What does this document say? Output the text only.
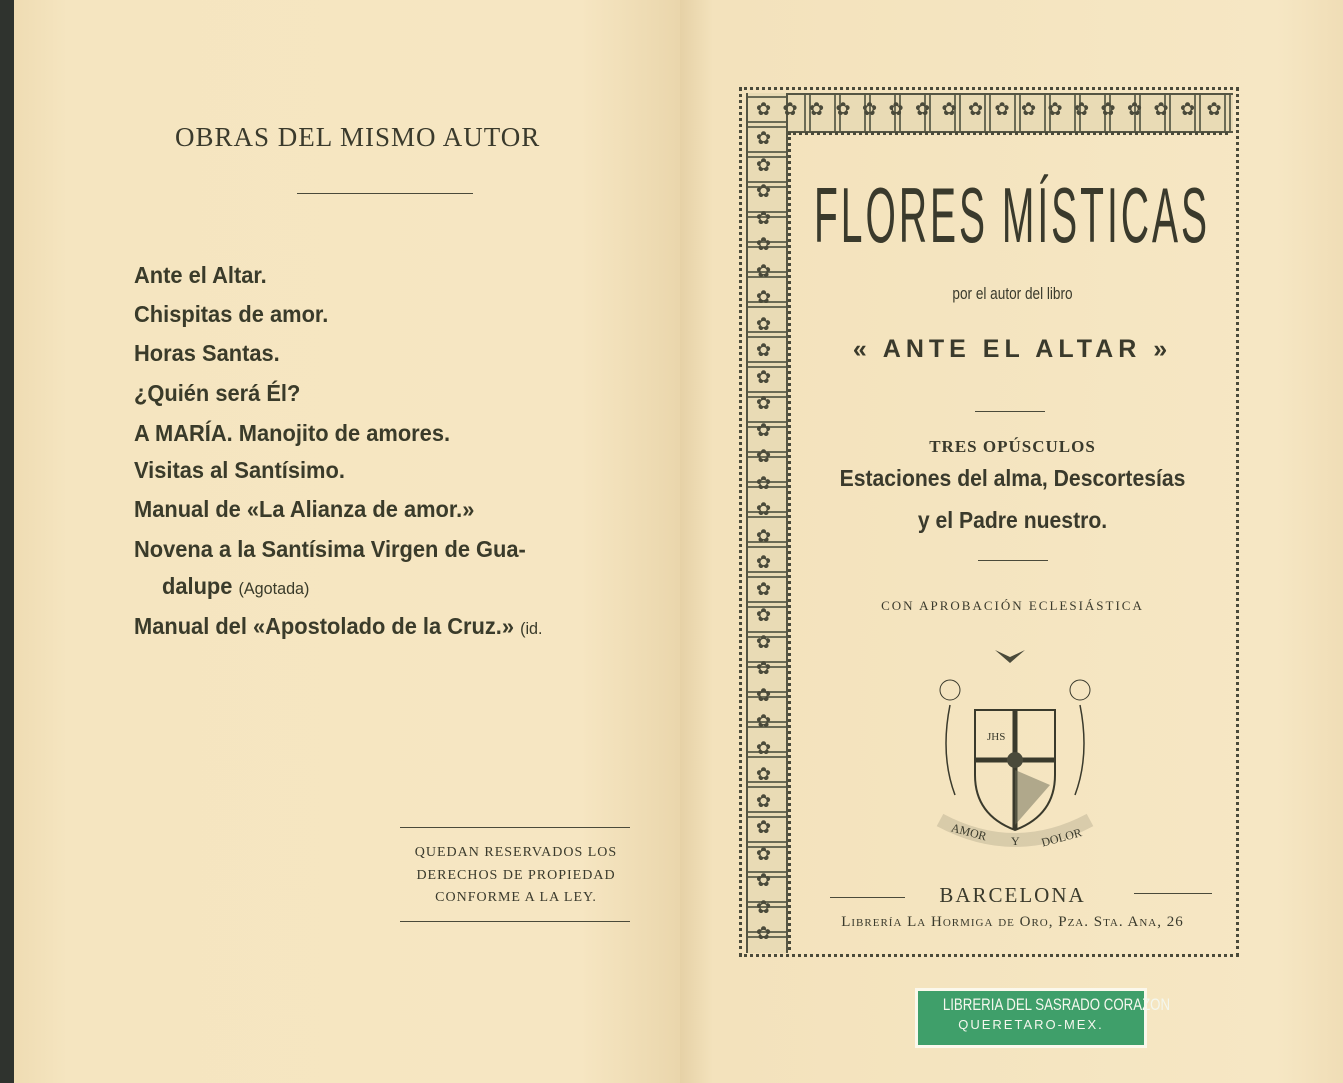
OBRAS DEL MISMO AUTOR
Ante el Altar.
Chispitas de amor.
Horas Santas.
¿Quién será Él?
A MARÍA. Manojito de amores.
Visitas al Santísimo.
Manual de «La Alianza de amor.»
Novena a la Santísima Virgen de Gua-
dalupe (Agotada)
Manual del «Apostolado de la Cruz.» (id.
QUEDAN RESERVADOS LOS
DERECHOS DE PROPIEDAD
CONFORME A LA LEY.
✿ ✿ ✿ ✿ ✿ ✿ ✿ ✿ ✿ ✿ ✿ ✿ ✿ ✿ ✿ ✿ ✿ ✿
✿
✿
✿
✿
✿
✿
✿
✿
✿
✿
✿
✿
✿
✿
✿
✿
✿
✿
✿
✿
✿
✿
✿
✿
✿
✿
✿
✿
✿
✿
✿
FLORES MÍSTICAS
por el autor del libro
« ANTE EL ALTAR »
TRES OPÚSCULOS
Estaciones del alma, Descortesías
y el Padre nuestro.
CON APROBACIÓN ECLESIÁSTICA
JHS
AMOR Y DOLOR
BARCELONA
Librería La Hormiga de Oro, Pza. Sta. Ana, 26
LIBRERIA DEL SASRADO CORAZON
QUERETARO-MEX.
